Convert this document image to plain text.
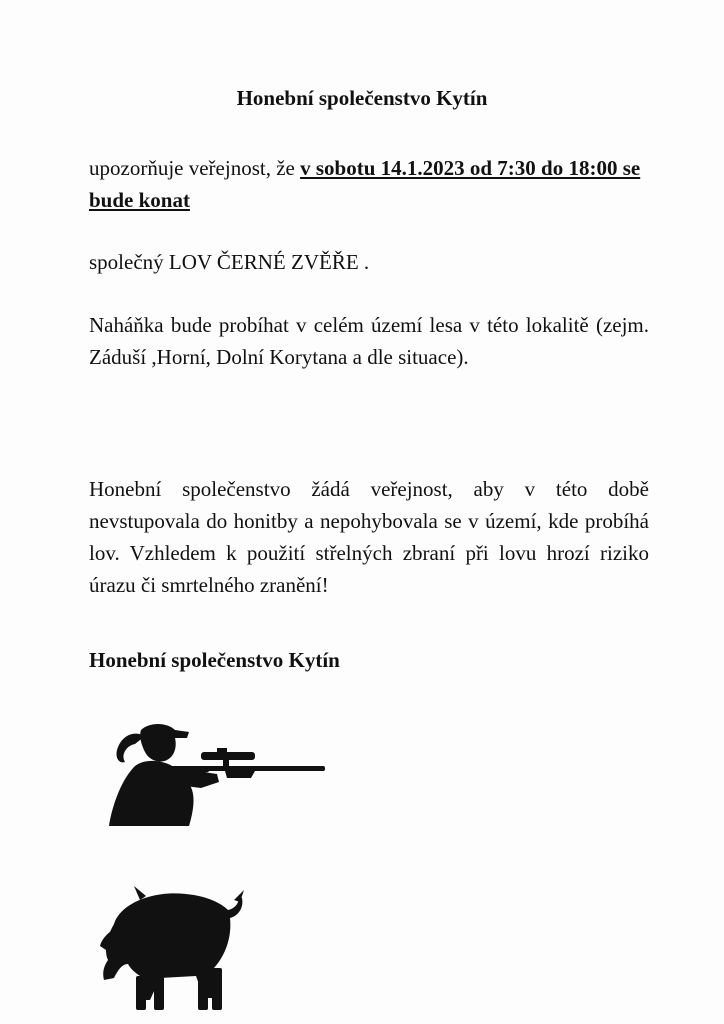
Honební společenstvo Kytín

upozorňuje veřejnost, že v sobotu 14.1.2023 od 7:30 do 18:00 se bude konat

společný LOV ČERNÉ ZVĚŘE .

Naháňka bude probíhat v celém území lesa v této lokalitě (zejm. Záduší ,Horní, Dolní Korytana a dle situace).

Honební společenstvo žádá veřejnost, aby v této době nevstupovala do honitby a nepohybovala se v území, kde probíhá lov. Vzhledem k použití střelných zbraní při lovu hrozí riziko úrazu či smrtelného zranění!

Honební společenstvo Kytín
